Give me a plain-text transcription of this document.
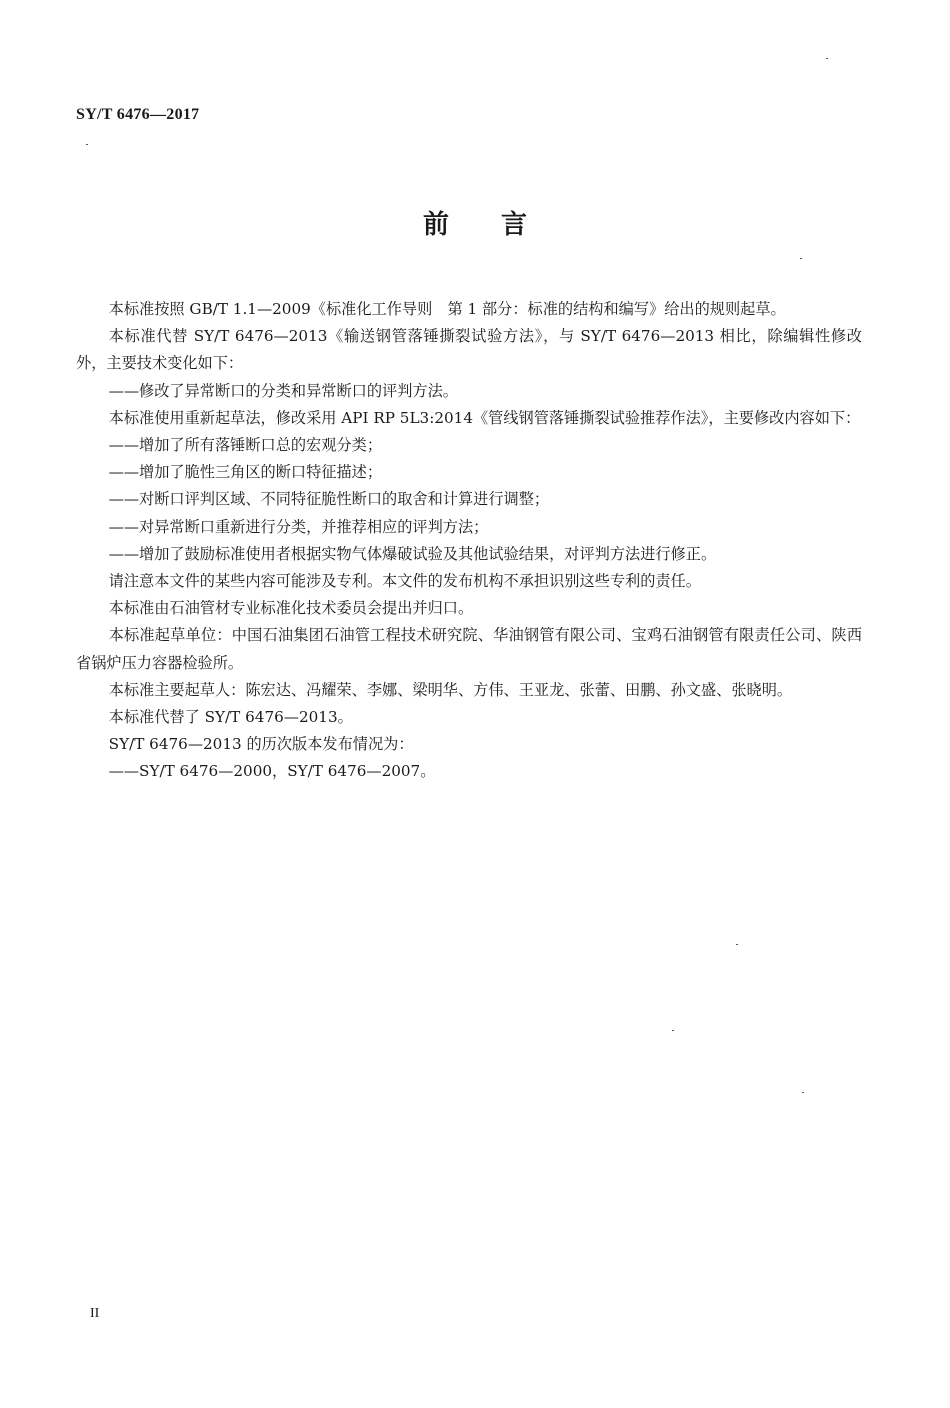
SY/T 6476—2017
前言

本标准按照 GB/T 1.1—2009《标准化工作导则　第 1 部分：标准的结构和编写》给出的规则起草。

本标准代替 SY/T 6476—2013《输送钢管落锤撕裂试验方法》，与 SY/T 6476—2013 相比，除编辑性修改外，主要技术变化如下：

——修改了异常断口的分类和异常断口的评判方法。

本标准使用重新起草法，修改采用 API RP 5L3:2014《管线钢管落锤撕裂试验推荐作法》，主要修改内容如下：

——增加了所有落锤断口总的宏观分类；

——增加了脆性三角区的断口特征描述；

——对断口评判区域、不同特征脆性断口的取舍和计算进行调整；

——对异常断口重新进行分类，并推荐相应的评判方法；

——增加了鼓励标准使用者根据实物气体爆破试验及其他试验结果，对评判方法进行修正。

请注意本文件的某些内容可能涉及专利。本文件的发布机构不承担识别这些专利的责任。

本标准由石油管材专业标准化技术委员会提出并归口。

本标准起草单位：中国石油集团石油管工程技术研究院、华油钢管有限公司、宝鸡石油钢管有限责任公司、陕西省锅炉压力容器检验所。

本标准主要起草人：陈宏达、冯耀荣、李娜、梁明华、方伟、王亚龙、张蕾、田鹏、孙文盛、张晓明。

本标准代替了 SY/T 6476—2013。

SY/T 6476—2013 的历次版本发布情况为：

——SY/T 6476—2000，SY/T 6476—2007。

II
